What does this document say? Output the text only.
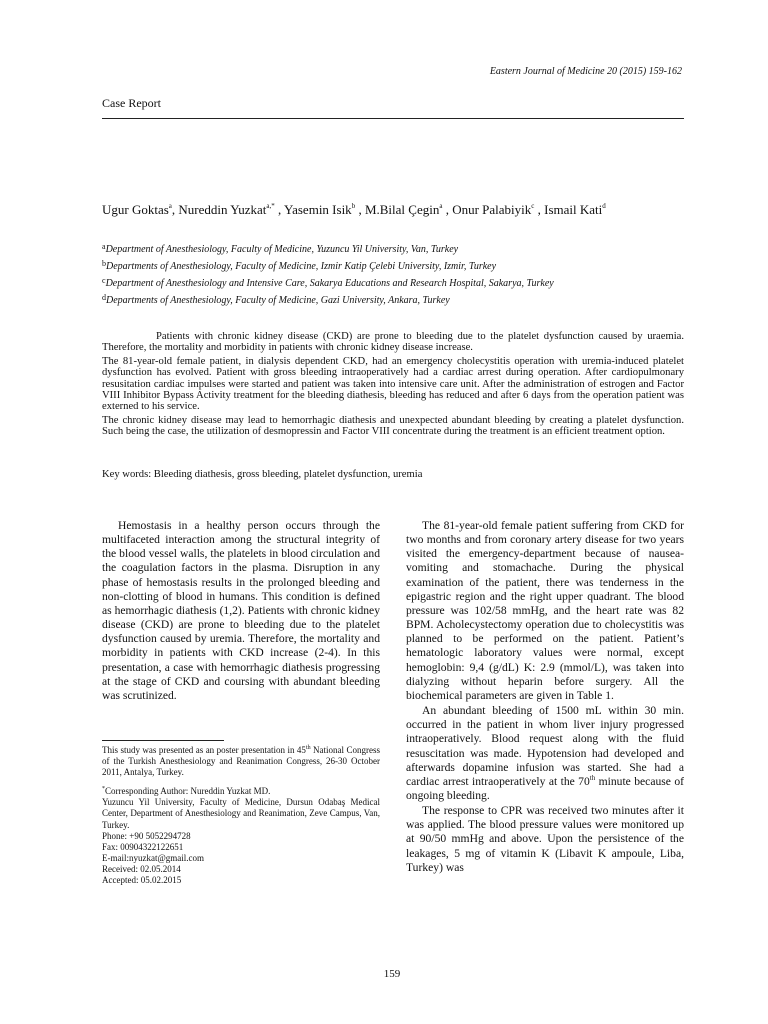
Eastern Journal of Medicine 20 (2015) 159-162
Case Report
Ugur Goktas$^a$, Nureddin Yuzkat$^{a,*}$ , Yasemin Isik$^b$ , M.Bilal Çegin$^a$ , Onur Palabiyik$^c$ , Ismail Kati$^d$
$^a$Department of Anesthesiology, Faculty of Medicine, Yuzuncu Yil University, Van, Turkey
$^b$Departments of Anesthesiology, Faculty of Medicine, Izmir Katip Çelebi University, Izmir, Turkey
$^c$Department of Anesthesiology and Intensive Care, Sakarya Educations and Research Hospital, Sakarya, Turkey
$^d$Departments of Anesthesiology, Faculty of Medicine, Gazi University, Ankara, Turkey

Patients with chronic kidney disease (CKD) are prone to bleeding due to the platelet dysfunction caused by uraemia. Therefore, the mortality and morbidity in patients with chronic kidney disease increase.

The 81-year-old female patient, in dialysis dependent CKD, had an emergency cholecystitis operation with uremia-induced platelet dysfunction has evolved. Patient with gross bleeding intraoperatively had a cardiac arrest during operation. After cardiopulmonary resusitation cardiac impulses were started and patient was taken into intensive care unit. After the administration of estrogen and Factor VIII Inhibitor Bypass Activity treatment for the bleeding diathesis, bleeding has reduced and after 6 days from the operation patient was externed to his service.

The chronic kidney disease may lead to hemorrhagic diathesis and unexpected abundant bleeding by creating a platelet dysfunction. Such being the case, the utilization of desmopressin and Factor VIII concentrate during the treatment is an efficient treatment option.

Key words: Bleeding diathesis, gross bleeding, platelet dysfunction, uremia

Hemostasis in a healthy person occurs through the multifaceted interaction among the structural integrity of the blood vessel walls, the platelets in blood circulation and the coagulation factors in the plasma. Disruption in any phase of hemostasis results in the prolonged bleeding and non-clotting of blood in humans. This condition is defined as hemorrhagic diathesis (1,2). Patients with chronic kidney disease (CKD) are prone to bleeding due to the platelet dysfunction caused by uremia. Therefore, the mortality and morbidity in patients with CKD increase (2-4). In this presentation, a case with hemorrhagic diathesis progressing at the stage of CKD and coursing with abundant bleeding was scrutinized.

This study was presented as an poster presentation in 45th National Congress of the Turkish Anesthesiology and Reanimation Congress, 26-30 October 2011, Antalya, Turkey.

*Corresponding Author: Nureddin Yuzkat MD.

Yuzuncu Yil University, Faculty of Medicine, Dursun Odabaş Medical Center, Department of Anesthesiology and Reanimation, Zeve Campus, Van, Turkey.

Phone: +90 5052294728

Fax: 00904322122651

E-mail:nyuzkat@gmail.com

Received: 02.05.2014

Accepted: 05.02.2015

The 81-year-old female patient suffering from CKD for two months and from coronary artery disease for two years visited the emergency-department because of nausea-vomiting and stomachache. During the physical examination of the patient, there was tenderness in the epigastric region and the right upper quadrant. The blood pressure was 102/58 mmHg, and the heart rate was 82 BPM. Acholecystectomy operation due to cholecystitis was planned to be performed on the patient. Patient’s hematologic laboratory values were normal, except hemoglobin: 9,4 (g/dL) K: 2.9 (mmol/L), was taken into dialyzing without heparin before surgery. All the biochemical parameters are given in Table 1.

An abundant bleeding of 1500 mL within 30 min. occurred in the patient in whom liver injury progressed intraoperatively. Blood request along with the fluid resuscitation was made. Hypotension had developed and afterwards dopamine infusion was started. She had a cardiac arrest intraoperatively at the 70th minute because of ongoing bleeding.

The response to CPR was received two minutes after it was applied. The blood pressure values were monitored up at 90/50 mmHg and above. Upon the persistence of the leakages, 5 mg of vitamin K (Libavit K ampoule, Liba, Turkey) was

159
